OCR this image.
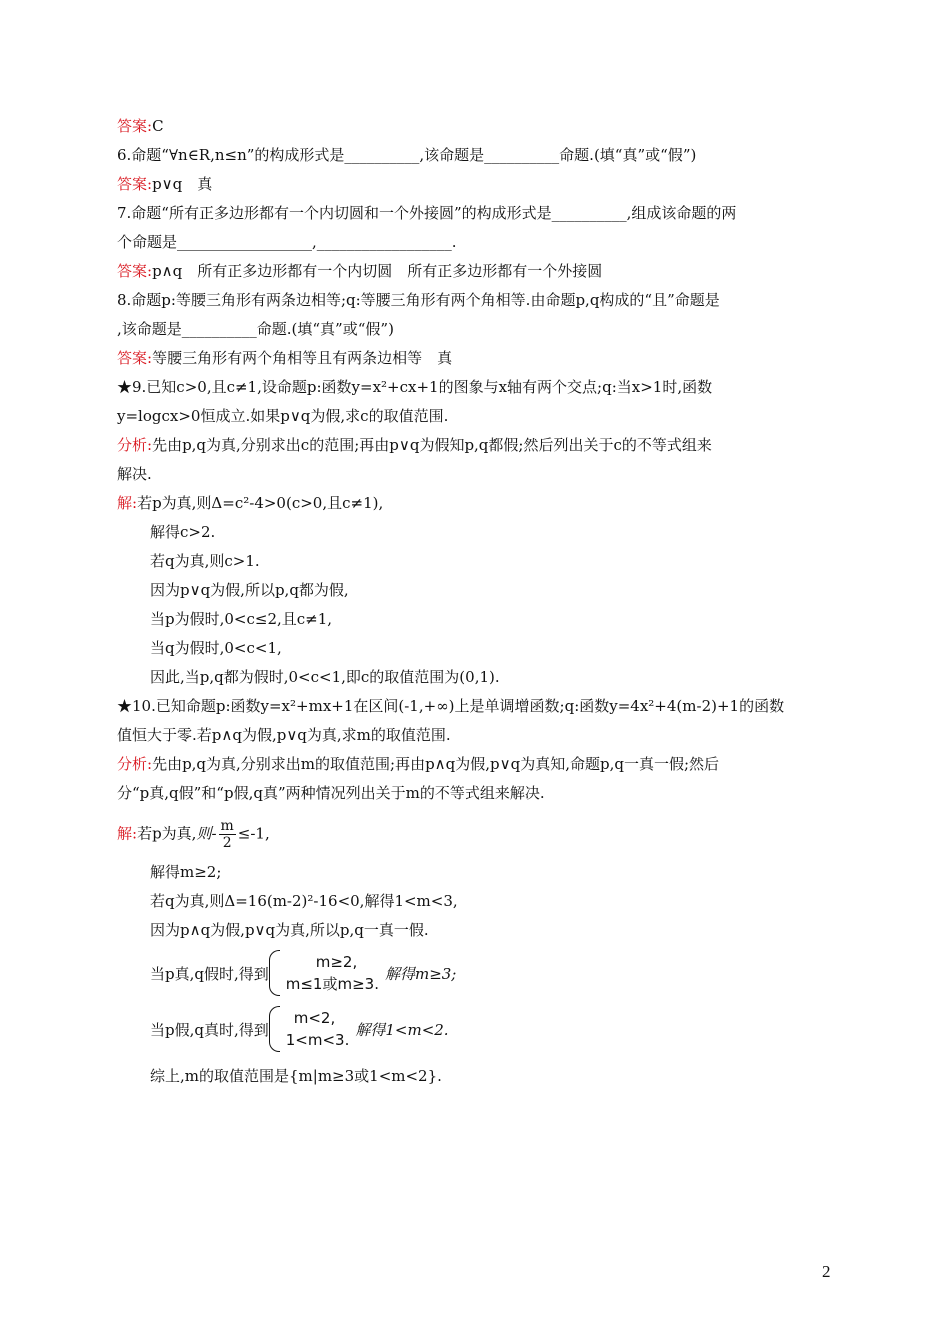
答案:C
6.命题“∀n∈R,n≤n”的构成形式是__________,该命题是__________命题.(填“真”或“假”)
答案:p∨q　真
7.命题“所有正多边形都有一个内切圆和一个外接圆”的构成形式是__________,组成该命题的两
个命题是__________________,__________________.
答案:p∧q　所有正多边形都有一个内切圆　所有正多边形都有一个外接圆
8.命题p:等腰三角形有两条边相等;q:等腰三角形有两个角相等.由命题p,q构成的“且”命题是
,该命题是__________命题.(填“真”或“假”)
答案:等腰三角形有两个角相等且有两条边相等　真
★9.已知c>0,且c≠1,设命题p:函数y=x²+cx+1的图象与x轴有两个交点;q:当x>1时,函数
y=logcx>0恒成立.如果p∨q为假,求c的取值范围.
分析:先由p,q为真,分别求出c的范围;再由p∨q为假知p,q都假;然后列出关于c的不等式组来
解决.
解:若p为真,则Δ=c²-4>0(c>0,且c≠1),
解得c>2.
若q为真,则c>1.
因为p∨q为假,所以p,q都为假,
当p为假时,0<c≤2,且c≠1,
当q为假时,0<c<1,
因此,当p,q都为假时,0<c<1,即c的取值范围为(0,1).
★10.已知命题p:函数y=x²+mx+1在区间(-1,+∞)上是单调增函数;q:函数y=4x²+4(m-2)+1的函数
值恒大于零.若p∧q为假,p∨q为真,求m的取值范围.
分析:先由p,q为真,分别求出m的取值范围;再由p∧q为假,p∨q为真知,命题p,q一真一假;然后
分“p真,q假”和“p假,q真”两种情况列出关于m的不等式组来解决.
解得m≥2;
若q为真,则Δ=16(m-2)²-16<0,解得1<m<3,
因为p∧q为假,p∨q为真,所以p,q一真一假.
解:若p为真,则- $\frac{m}{2} \le-1$,
当p真,q假时,得到
m≥2,
m≤1或m≥3.
解得m≥3;
当p假,q真时,得到
m<2,
1<m<3.
解得1<m<2.
综上,m的取值范围是{m|m≥3或1<m<2}.
2
